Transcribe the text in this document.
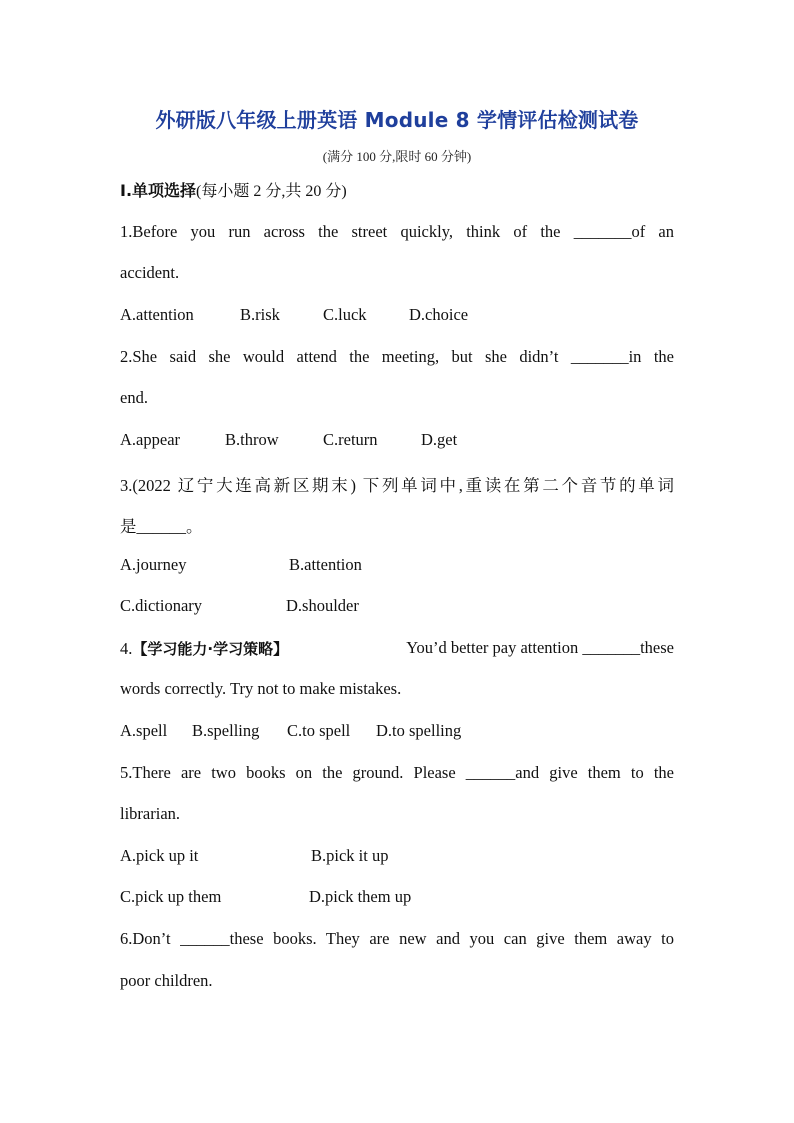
外研版八年级上册英语 Module 8 学情评估检测试卷
(满分 100 分,限时 60 分钟)
Ⅰ.单项选择(每小题 2 分,共 20 分)
1.Before you run across the street quickly, think of the _______of an
accident.
A.attention	B.risk	C.luck	D.choice
2.She said she would attend the meeting, but she didn’t _______in the
end.
A.appear	B.throw	C.return	D.get
3.(2022 辽宁大连高新区期末) 下列单词中,重读在第二个音节的单词
是______。
A.journey	B.attention
C.dictionary	D.shoulder
4.【学习能力·学习策略】	You’d better pay attention _______these
words correctly. Try not to make mistakes.
A.spell B.spelling C.to spell D.to spelling
5.There are two books on the ground. Please ______and give them to the
librarian.
A.pick up it	B.pick it up
C.pick up them	D.pick them up
6.Don’t ______these books. They are new and you can give them away to
poor children.
